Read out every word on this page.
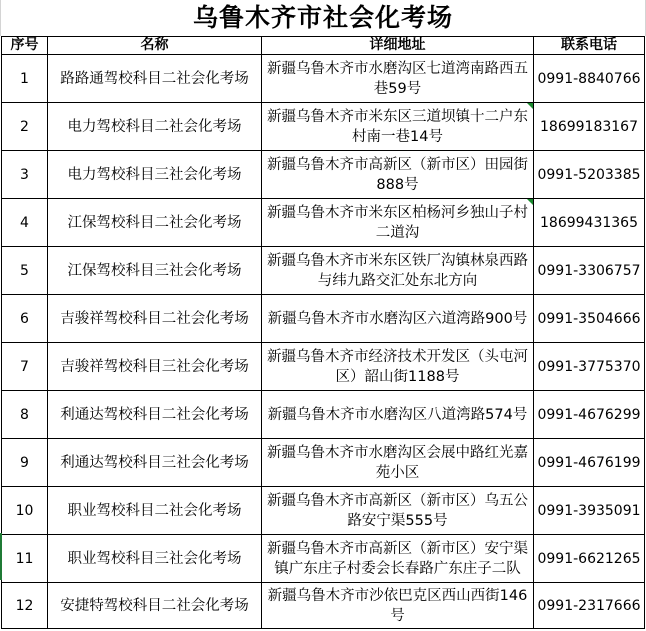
乌鲁木齐市社会化考场
序号	名称	详细地址	联系电话
1	路路通驾校科目二社会化考场	新疆乌鲁木齐市水磨沟区七道湾南路西五巷59号	0991-8840766
2	电力驾校科目二社会化考场	新疆乌鲁木齐市米东区三道坝镇十二户东村南一巷14号	18699183167
3	电力驾校科目三社会化考场	新疆乌鲁木齐市高新区（新市区）田园街888号	0991-5203385
4	江保驾校科目二社会化考场	新疆乌鲁木齐市米东区柏杨河乡独山子村二道沟	18699431365
5	江保驾校科目三社会化考场	新疆乌鲁木齐市米东区铁厂沟镇林泉西路与纬九路交汇处东北方向	0991-3306757
6	吉骏祥驾校科目二社会化考场	新疆乌鲁木齐市水磨沟区六道湾路900号	0991-3504666
7	吉骏祥驾校科目三社会化考场	新疆乌鲁木齐市经济技术开发区（头屯河区）韶山街1188号	0991-3775370
8	利通达驾校科目二社会化考场	新疆乌鲁木齐市水磨沟区八道湾路574号	0991-4676299
9	利通达驾校科目三社会化考场	新疆乌鲁木齐市水磨沟区会展中路红光嘉苑小区	0991-4676199
10	职业驾校科目二社会化考场	新疆乌鲁木齐市高新区（新市区）乌五公路安宁渠555号	0991-3935091
11	职业驾校科目三社会化考场	新疆乌鲁木齐市高新区（新市区）安宁渠镇广东庄子村委会长春路广东庄子二队	0991-6621265
12	安捷特驾校科目二社会化考场	新疆乌鲁木齐市沙依巴克区西山西街146号	0991-2317666
